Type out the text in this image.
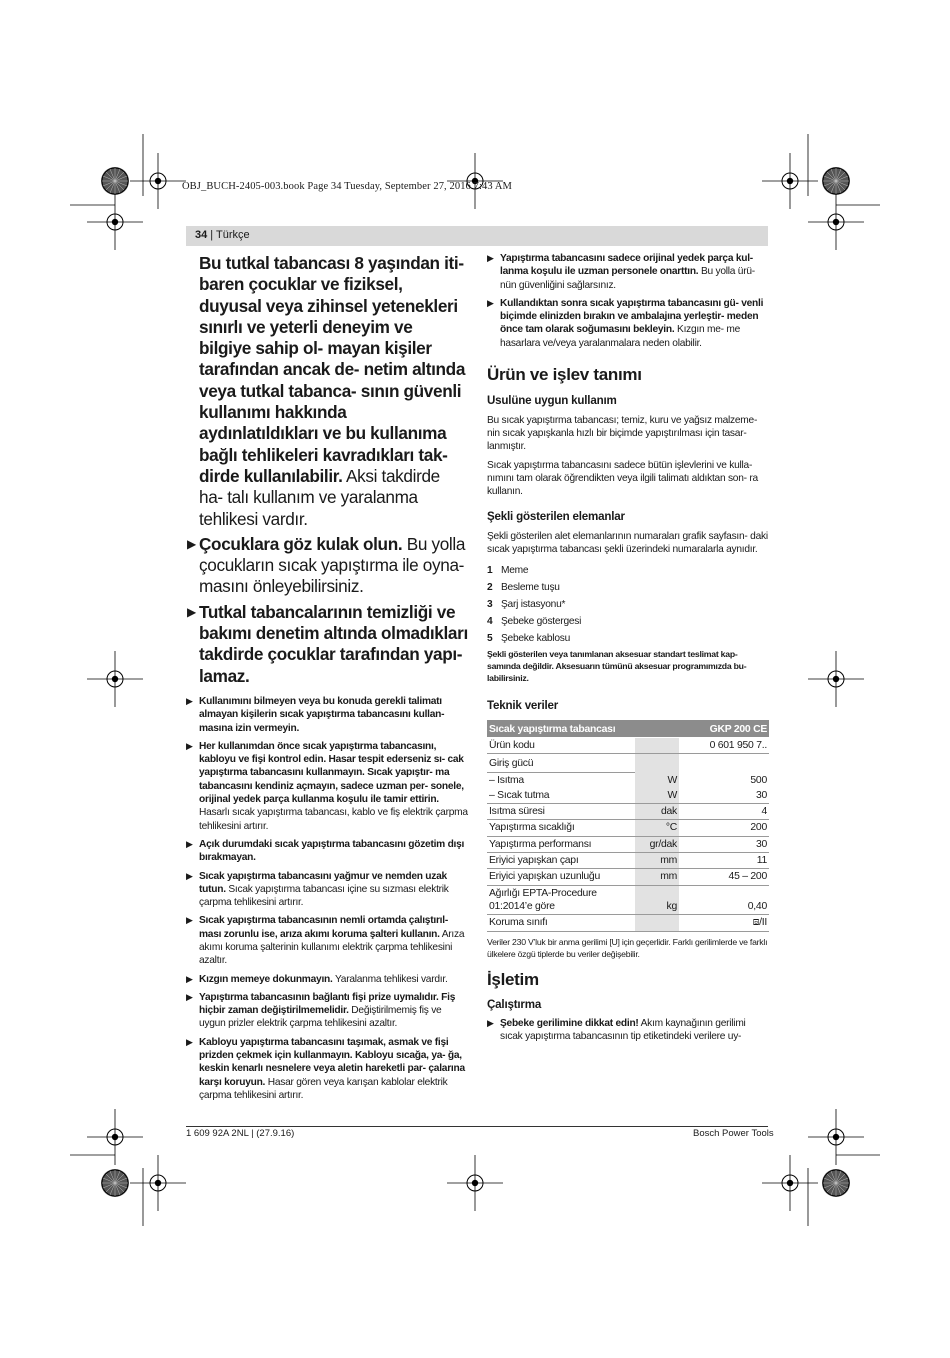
OBJ_BUCH-2405-003.book Page 34 Tuesday, September 27, 2016 7:43 AM
34 | Türkçe
Bu tutkal tabancası 8 yaşından iti- baren çocuklar ve fiziksel, duyusal veya zihinsel yetenekleri sınırlı ve yeterli deneyim ve bilgiye sahip ol- mayan kişiler tarafından ancak de- netim altında veya tutkal tabanca- sının güvenli kullanımı hakkında aydınlatıldıkları ve bu kullanıma bağlı tehlikeleri kavradıkları tak- dirde kullanılabilir. Aksi takdirde ha- talı kullanım ve yaralanma tehlikesi vardır.
▶ Çocuklara göz kulak olun. Bu yolla çocukların sıcak yapıştırma ile oyna- masını önleyebilirsiniz.
▶ Tutkal tabancalarının temizliği ve bakımı denetim altında olmadıkları takdirde çocuklar tarafından yapı- lamaz.
▶ Kullanımını bilmeyen veya bu konuda gerekli talimatı almayan kişilerin sıcak yapıştırma tabancasını kullan- masına izin vermeyin.
▶ Her kullanımdan önce sıcak yapıştırma tabancasını, kabloyu ve fişi kontrol edin. Hasar tespit ederseniz sı- cak yapıştırma tabancasını kullanmayın. Sıcak yapıştır- ma tabancasını kendiniz açmayın, sadece uzman per- sonele, orijinal yedek parça kullanma koşulu ile tamir ettirin. Hasarlı sıcak yapıştırma tabancası, kablo ve fiş elektrik çarpma tehlikesini artırır.
▶ Açık durumdaki sıcak yapıştırma tabancasını gözetim dışı bırakmayan.
▶ Sıcak yapıştırma tabancasını yağmur ve nemden uzak tutun. Sıcak yapıştırma tabancası içine su sızması elektrik çarpma tehlikesini artırır.
▶ Sıcak yapıştırma tabancasının nemli ortamda çalıştırıl- ması zorunlu ise, arıza akımı koruma şalteri kullanın. Arıza akımı koruma şalterinin kullanımı elektrik çarpma tehlikesini azaltır.
▶ Kızgın memeye dokunmayın. Yaralanma tehlikesi vardır.
▶ Yapıştırma tabancasının bağlantı fişi prize uymalıdır. Fiş hiçbir zaman değiştirilmemelidir. Değiştirilmemiş fiş ve uygun prizler elektrik çarpma tehlikesini azaltır.
▶ Kabloyu yapıştırma tabancasını taşımak, asmak ve fişi prizden çekmek için kullanmayın. Kabloyu sıcağa, ya- ğa, keskin kenarlı nesnelere veya aletin hareketli par- çalarına karşı koruyun. Hasar gören veya karışan kablolar elektrik çarpma tehlikesini artırır.
▶ Yapıştırma tabancasını sadece orijinal yedek parça kul- lanma koşulu ile uzman personele onarttın. Bu yolla ürü- nün güvenliğini sağlarsınız.
▶ Kullandıktan sonra sıcak yapıştırma tabancasını gü- venli biçimde elinizden bırakın ve ambalajına yerleştir- meden önce tam olarak soğumasını bekleyin. Kızgın me- me hasarlara ve/veya yaralanmalara neden olabilir.
Ürün ve işlev tanımı
Usulüne uygun kullanım

Bu sıcak yapıştırma tabancası; temiz, kuru ve yağsız malzeme- nin sıcak yapışkanla hızlı bir biçimde yapıştırılması için tasar- lanmıştır.

Sıcak yapıştırma tabancasını sadece bütün işlevlerini ve kulla- nımını tam olarak öğrendikten veya ilgili talimatı aldıktan son- ra kullanın.

Şekli gösterilen elemanlar

Şekli gösterilen alet elemanlarının numaraları grafik sayfasın- daki sıcak yapıştırma tabancası şekli üzerindeki numaralarla aynıdır.

1 Meme
2 Besleme tuşu
3 Şarj istasyonu*
4 Şebeke göstergesi
5 Şebeke kablosu
Şekli gösterilen veya tanımlanan aksesuar standart teslimat kap- samında değildir. Aksesuarın tümünü aksesuar programımızda bu- labilirsiniz.
Teknik veriler
Sıcak yapıştırma tabancası		GKP 200 CE
Ürün kodu		0 601 950 7..
Giriş gücü		
– Isıtma	W	500
– Sıcak tutma	W	30
Isıtma süresi	dak	4
Yapıştırma sıcaklığı	°C	200
Yapıştırma performansı	gr/dak	30
Eriyici yapışkan çapı	mm	11
Eriyici yapışkan uzunluğu	mm	45 – 200
Ağırlığı EPTA-Procedure 01:2014’e göre	kg	0,40
Koruma sınıfı		⧈/II
Veriler 230 V’luk bir anma gerilimi [U] için geçerlidir. Farklı gerilimlerde ve farklı ülkelere özgü tiplerde bu veriler değişebilir.
İşletim
Çalıştırma
▶ Şebeke gerilimine dikkat edin! Akım kaynağının gerilimi sıcak yapıştırma tabancasının tip etiketindeki verilere uy-
1 609 92A 2NL | (27.9.16)	Bosch Power Tools
